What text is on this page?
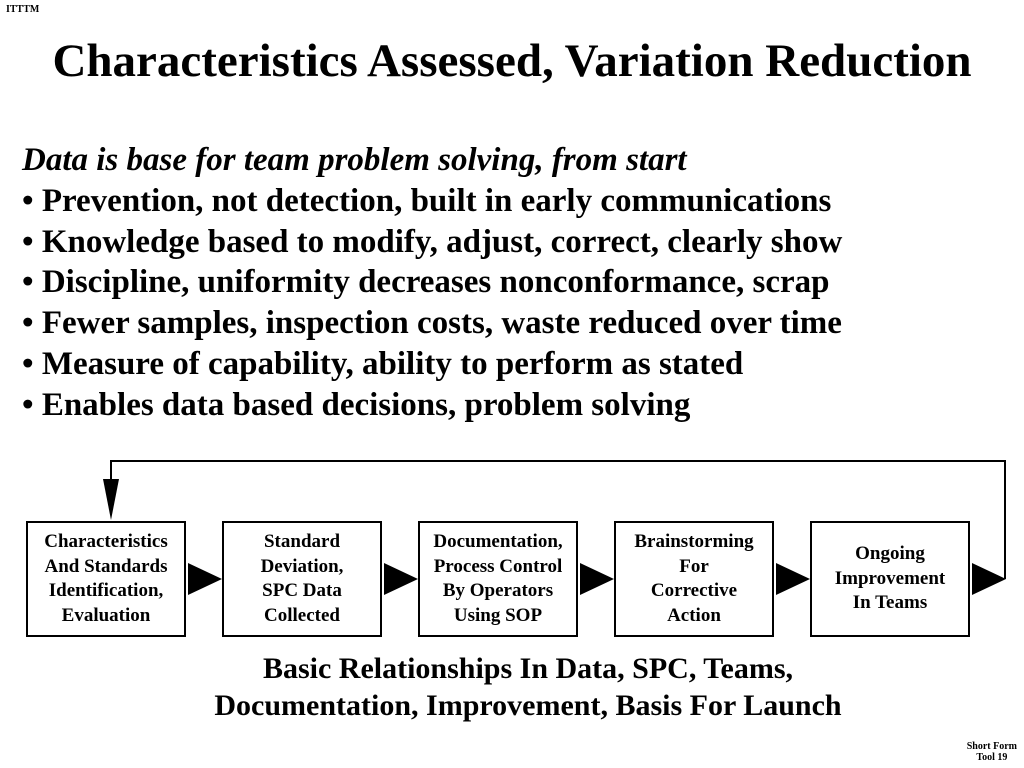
ITTTM
Characteristics Assessed, Variation Reduction
Data is base for team problem solving, from start
• Prevention, not detection, built in early communications
• Knowledge based to modify, adjust, correct, clearly show
• Discipline, uniformity decreases nonconformance, scrap
• Fewer samples, inspection costs, waste reduced over time
• Measure of capability, ability to perform as stated
• Enables data based decisions, problem solving
Characteristics
And Standards
Identification,
Evaluation
Standard
Deviation,
SPC Data
Collected
Documentation,
Process Control
By Operators
Using SOP
Brainstorming
For
Corrective
Action
Ongoing
Improvement
In Teams
Basic Relationships In Data, SPC, Teams,
Documentation, Improvement, Basis For Launch
Short Form
Tool 19
